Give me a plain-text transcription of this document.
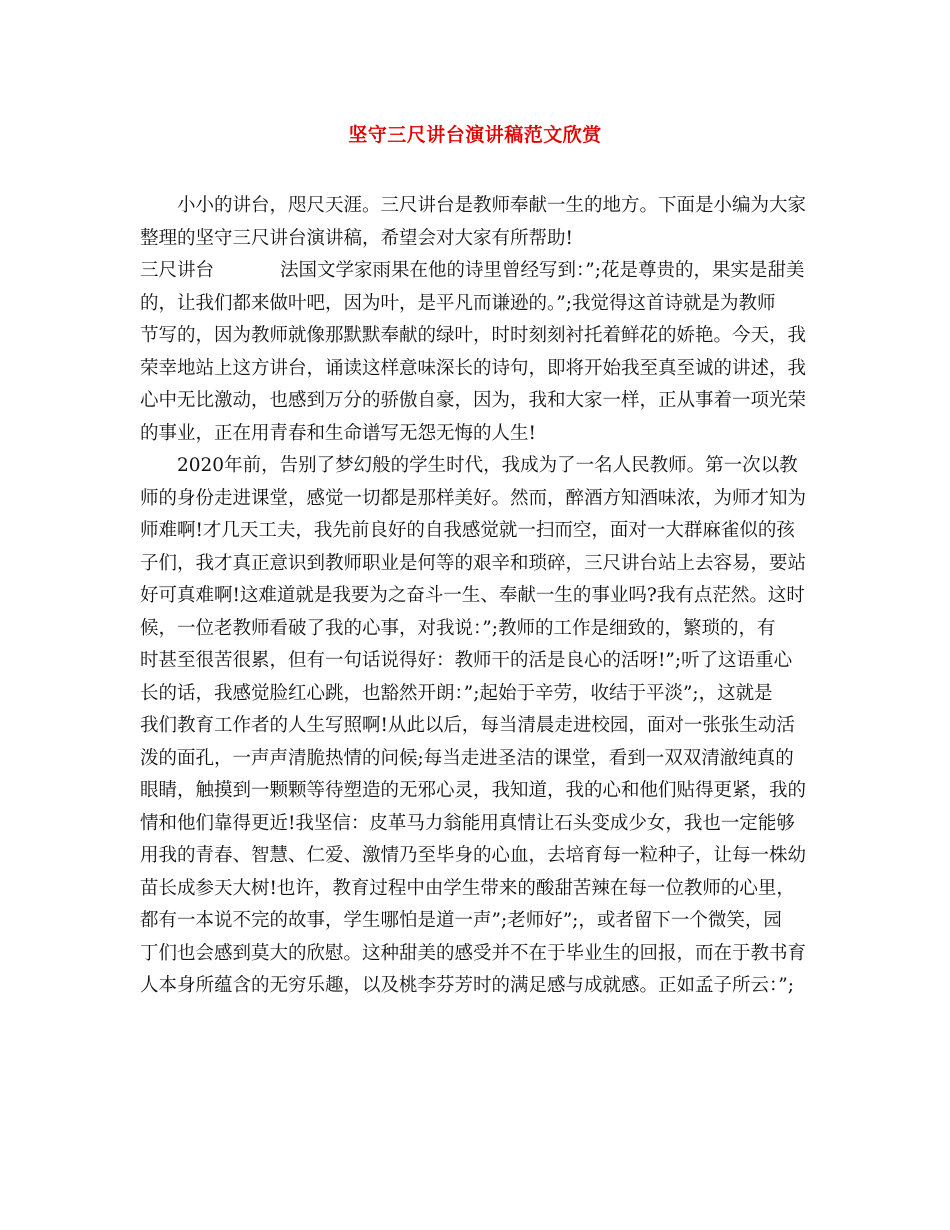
坚守三尺讲台演讲稿范文欣赏

小小的讲台，咫尺天涯。三尺讲台是教师奉献一生的地方。下面是小编为大家
整理的坚守三尺讲台演讲稿，希望会对大家有所帮助!

三尺讲台	法国文学家雨果在他的诗里曾经写到：”;花是尊贵的，果实是甜美
的，让我们都来做叶吧，因为叶，是平凡而谦逊的。”;我觉得这首诗就是为教师
节写的，因为教师就像那默默奉献的绿叶，时时刻刻衬托着鲜花的娇艳。今天，我
荣幸地站上这方讲台，诵读这样意味深长的诗句，即将开始我至真至诚的讲述，我
心中无比激动，也感到万分的骄傲自豪，因为，我和大家一样，正从事着一项光荣
的事业，正在用青春和生命谱写无怨无悔的人生!

2020年前，告别了梦幻般的学生时代，我成为了一名人民教师。第一次以教
师的身份走进课堂，感觉一切都是那样美好。然而，醉酒方知酒味浓，为师才知为
师难啊!才几天工夫，我先前良好的自我感觉就一扫而空，面对一大群麻雀似的孩
子们，我才真正意识到教师职业是何等的艰辛和琐碎，三尺讲台站上去容易，要站
好可真难啊!这难道就是我要为之奋斗一生、奉献一生的事业吗?我有点茫然。这时
候，一位老教师看破了我的心事，对我说：”;教师的工作是细致的，繁琐的，有
时甚至很苦很累，但有一句话说得好：教师干的活是良心的活呀!”;听了这语重心
长的话，我感觉脸红心跳，也豁然开朗：”;起始于辛劳，收结于平淡”;，这就是
我们教育工作者的人生写照啊!从此以后，每当清晨走进校园，面对一张张生动活
泼的面孔，一声声清脆热情的问候;每当走进圣洁的课堂，看到一双双清澈纯真的
眼睛，触摸到一颗颗等待塑造的无邪心灵，我知道，我的心和他们贴得更紧，我的
情和他们靠得更近!我坚信：皮革马力翁能用真情让石头变成少女，我也一定能够
用我的青春、智慧、仁爱、激情乃至毕身的心血，去培育每一粒种子，让每一株幼
苗长成参天大树!也许，教育过程中由学生带来的酸甜苦辣在每一位教师的心里，
都有一本说不完的故事，学生哪怕是道一声”;老师好”;，或者留下一个微笑，园
丁们也会感到莫大的欣慰。这种甜美的感受并不在于毕业生的回报，而在于教书育
人本身所蕴含的无穷乐趣，以及桃李芬芳时的满足感与成就感。正如孟子所云：”;
